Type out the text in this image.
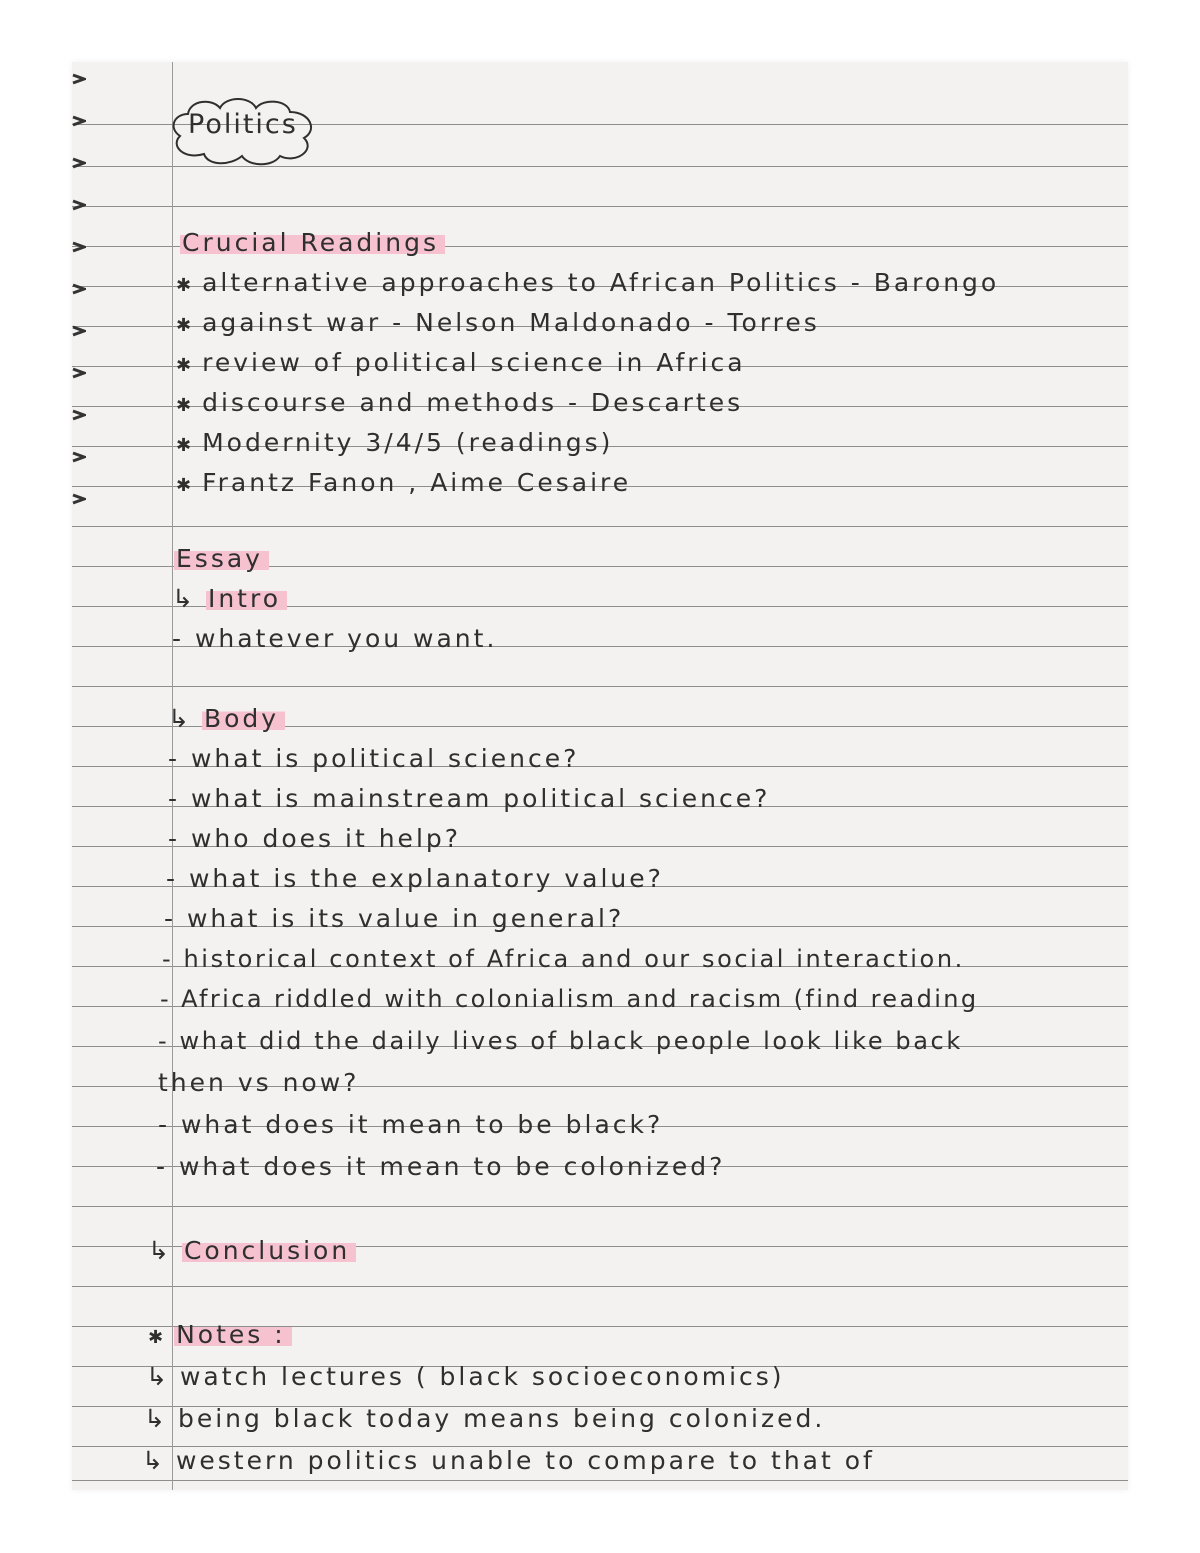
Politics
Crucial Readings
✱ alternative approaches to African Politics - Barongo
✱ against war - Nelson Maldonado - Torres
✱ review of political science in Africa
✱ discourse and methods - Descartes
✱ Modernity 3/4/5 (readings)
✱ Frantz Fanon , Aime Cesaire
Essay
↳ Intro
- whatever you want.
↳ Body
- what is political science?
- what is mainstream political science?
- who does it help?
- what is the explanatory value?
- what is its value in general?
- historical context of Africa and our social interaction.
- Africa riddled with colonialism and racism (find reading
- what did the daily lives of black people look like back
then vs now?
- what does it mean to be black?
- what does it mean to be colonized?
↳ Conclusion
✱ Notes :
↳ watch lectures ( black socioeconomics)
↳ being black today means being colonized.
↳ western politics unable to compare to that of
